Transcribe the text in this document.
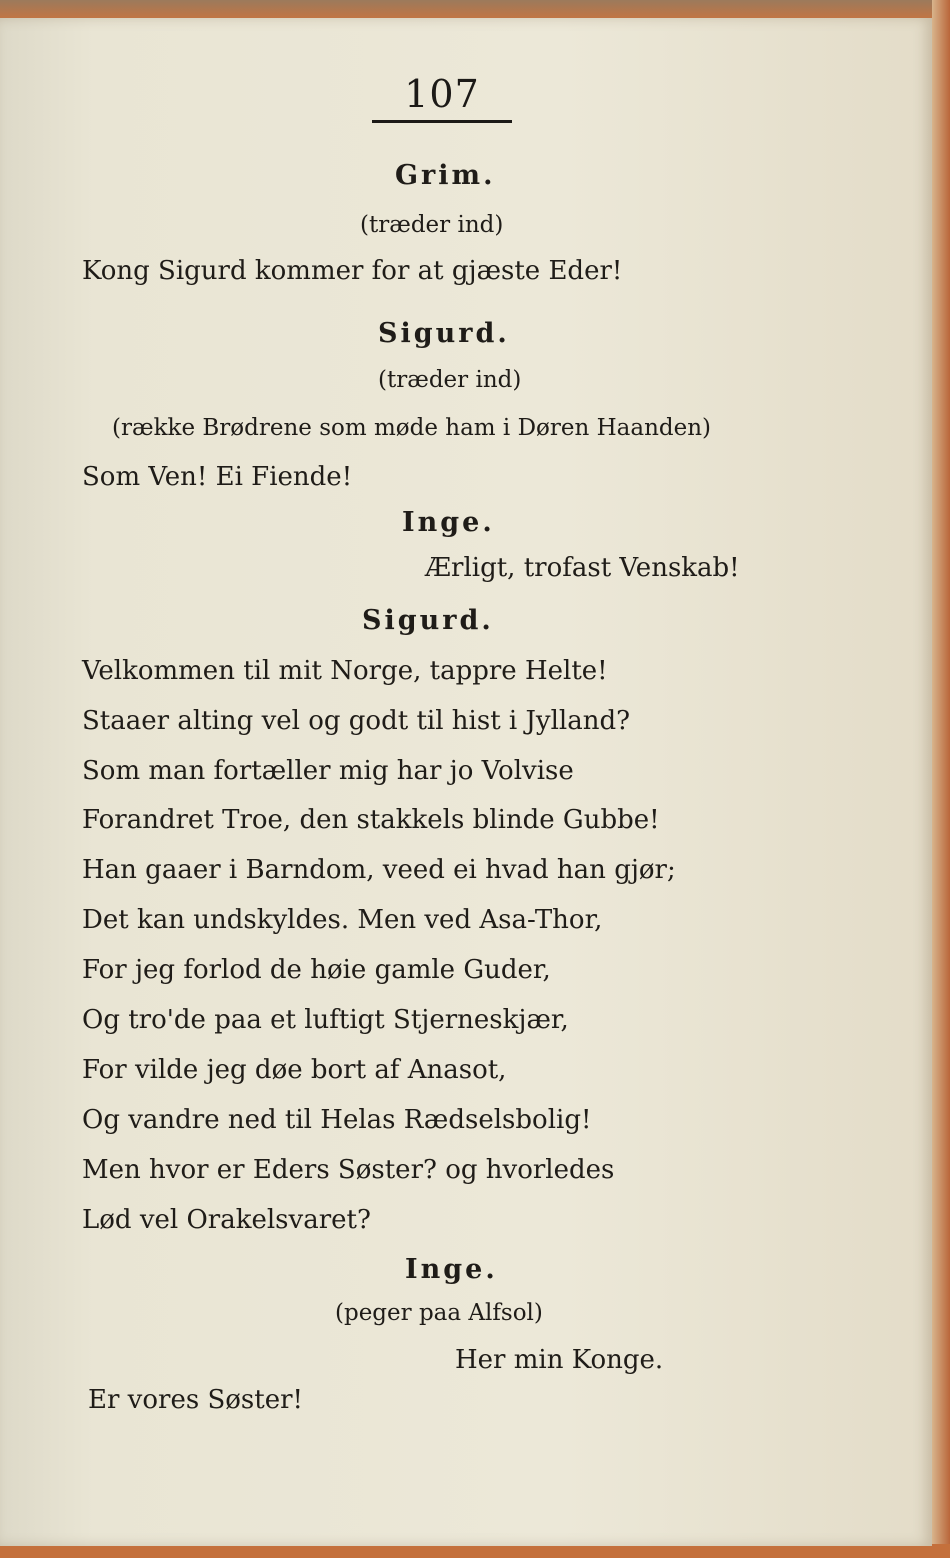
107
Grim.
(træder ind)
Kong Sigurd kommer for at gjæste Eder!
Sigurd.
(træder ind)
(række Brødrene som møde ham i Døren Haanden)
Som Ven! Ei Fiende!
Inge.
Ærligt, trofast Venskab!
Sigurd.
Velkommen til mit Norge, tappre Helte!
Staaer alting vel og godt til hist i Jylland?
Som man fortæller mig har jo Volvise
Forandret Troe, den stakkels blinde Gubbe!
Han gaaer i Barndom, veed ei hvad han gjør;
Det kan undskyldes. Men ved Asa-Thor,
For jeg forlod de høie gamle Guder,
Og tro'de paa et luftigt Stjerneskjær,
For vilde jeg døe bort af Anasot,
Og vandre ned til Helas Rædselsbolig!
Men hvor er Eders Søster? og hvorledes
Lød vel Orakelsvaret?
Inge.
(peger paa Alfsol)
Her min Konge.
Er vores Søster!
